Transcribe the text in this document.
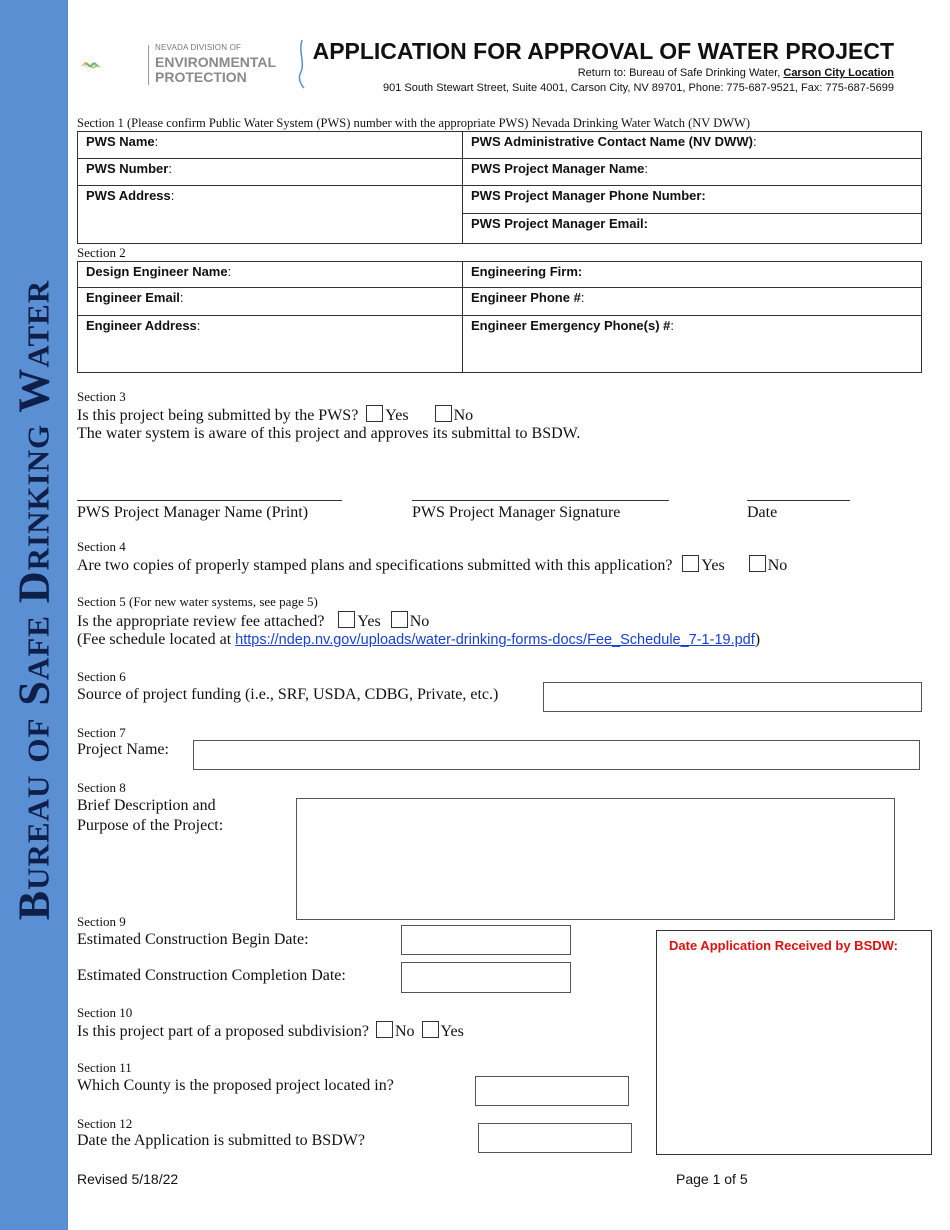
Bureau of Safe Drinking Water
NEVADA DIVISION OF
ENVIRONMENTAL
PROTECTION
APPLICATION FOR APPROVAL OF WATER PROJECT
Return to: Bureau of Safe Drinking Water, Carson City Location
901 South Stewart Street, Suite 4001, Carson City, NV 89701, Phone: 775-687-9521, Fax: 775-687-5699
Section 1 (Please confirm Public Water System (PWS) number with the appropriate PWS) Nevada Drinking Water Watch (NV DWW)
PWS Name:	PWS Administrative Contact Name (NV DWW):
PWS Number:	PWS Project Manager Name:
PWS Address:	PWS Project Manager Phone Number:
	PWS Project Manager Email:
Section 2
Design Engineer Name:	Engineering Firm:
Engineer Email:	Engineer Phone #:
Engineer Address:	Engineer Emergency Phone(s) #:
Section 3
Is this project being submitted by the PWS? Yes	No
The water system is aware of this project and approves its submittal to BSDW.
PWS Project Manager Name (Print)	PWS Project Manager Signature	Date
Section 4
Are two copies of properly stamped plans and specifications submitted with this application? Yes	No
Section 5 (For new water systems, see page 5)
Is the appropriate review fee attached? Yes No
(Fee schedule located at https://ndep.nv.gov/uploads/water-drinking-forms-docs/Fee_Schedule_7-1-19.pdf)
Section 6
Source of project funding (i.e., SRF, USDA, CDBG, Private, etc.)
Section 7
Project Name:
Section 8
Brief Description and
Purpose of the Project:
Section 9
Estimated Construction Begin Date:
Estimated Construction Completion Date:
Date Application Received by BSDW:
Section 10
Is this project part of a proposed subdivision? No Yes
Section 11
Which County is the proposed project located in?
Section 12
Date the Application is submitted to BSDW?
Revised 5/18/22	Page 1 of 5
